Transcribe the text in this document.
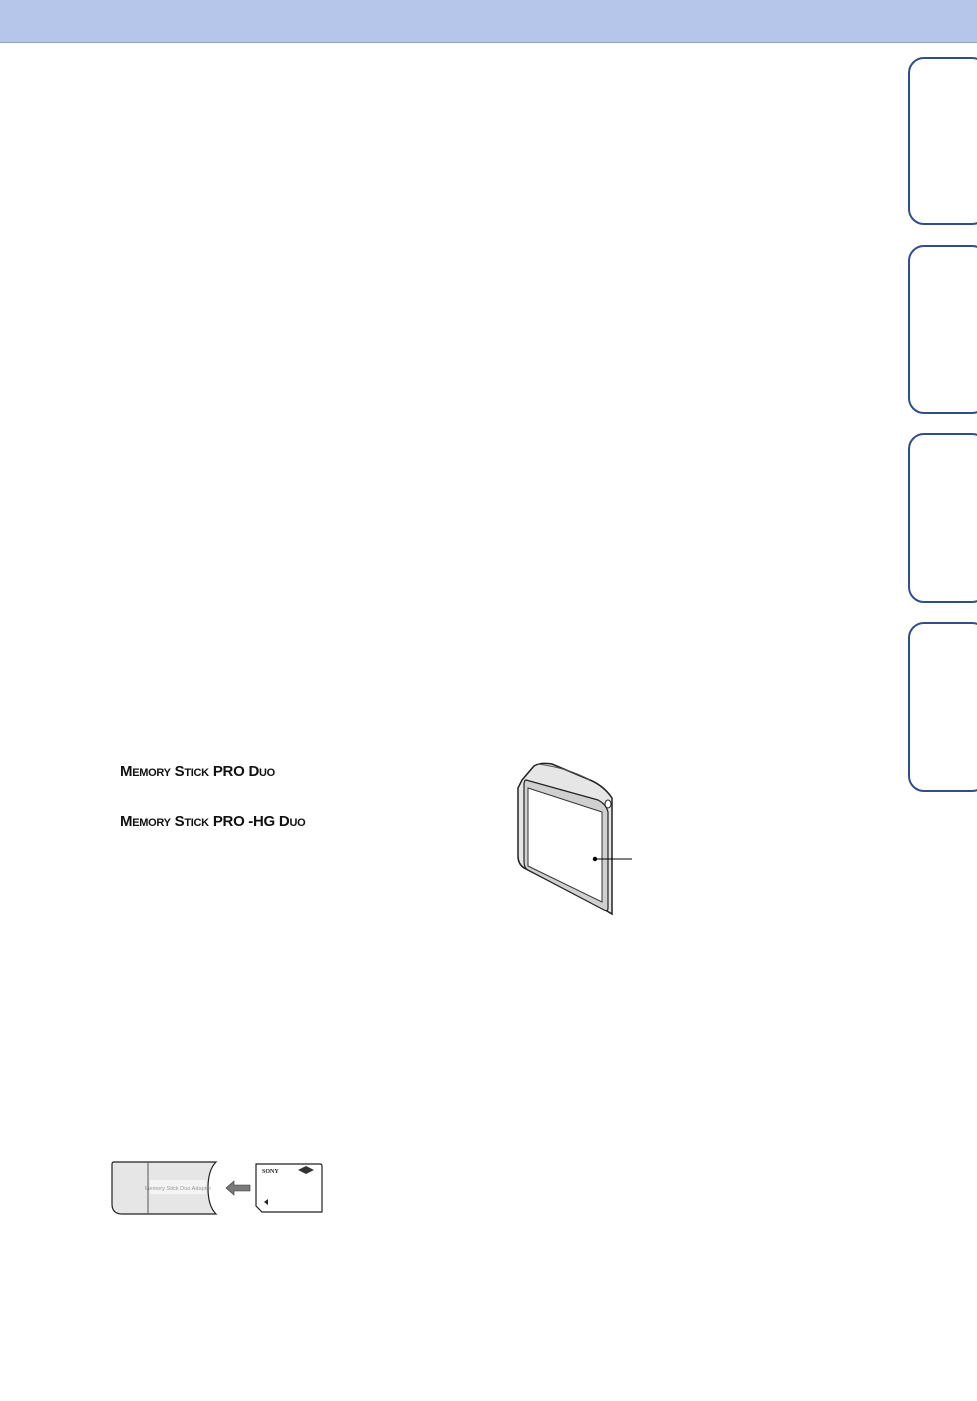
MEMORY STICK PRO DUO
MEMORY STICK PRO -HG DUO
Memory Stick Duo Adaptor
SONY
